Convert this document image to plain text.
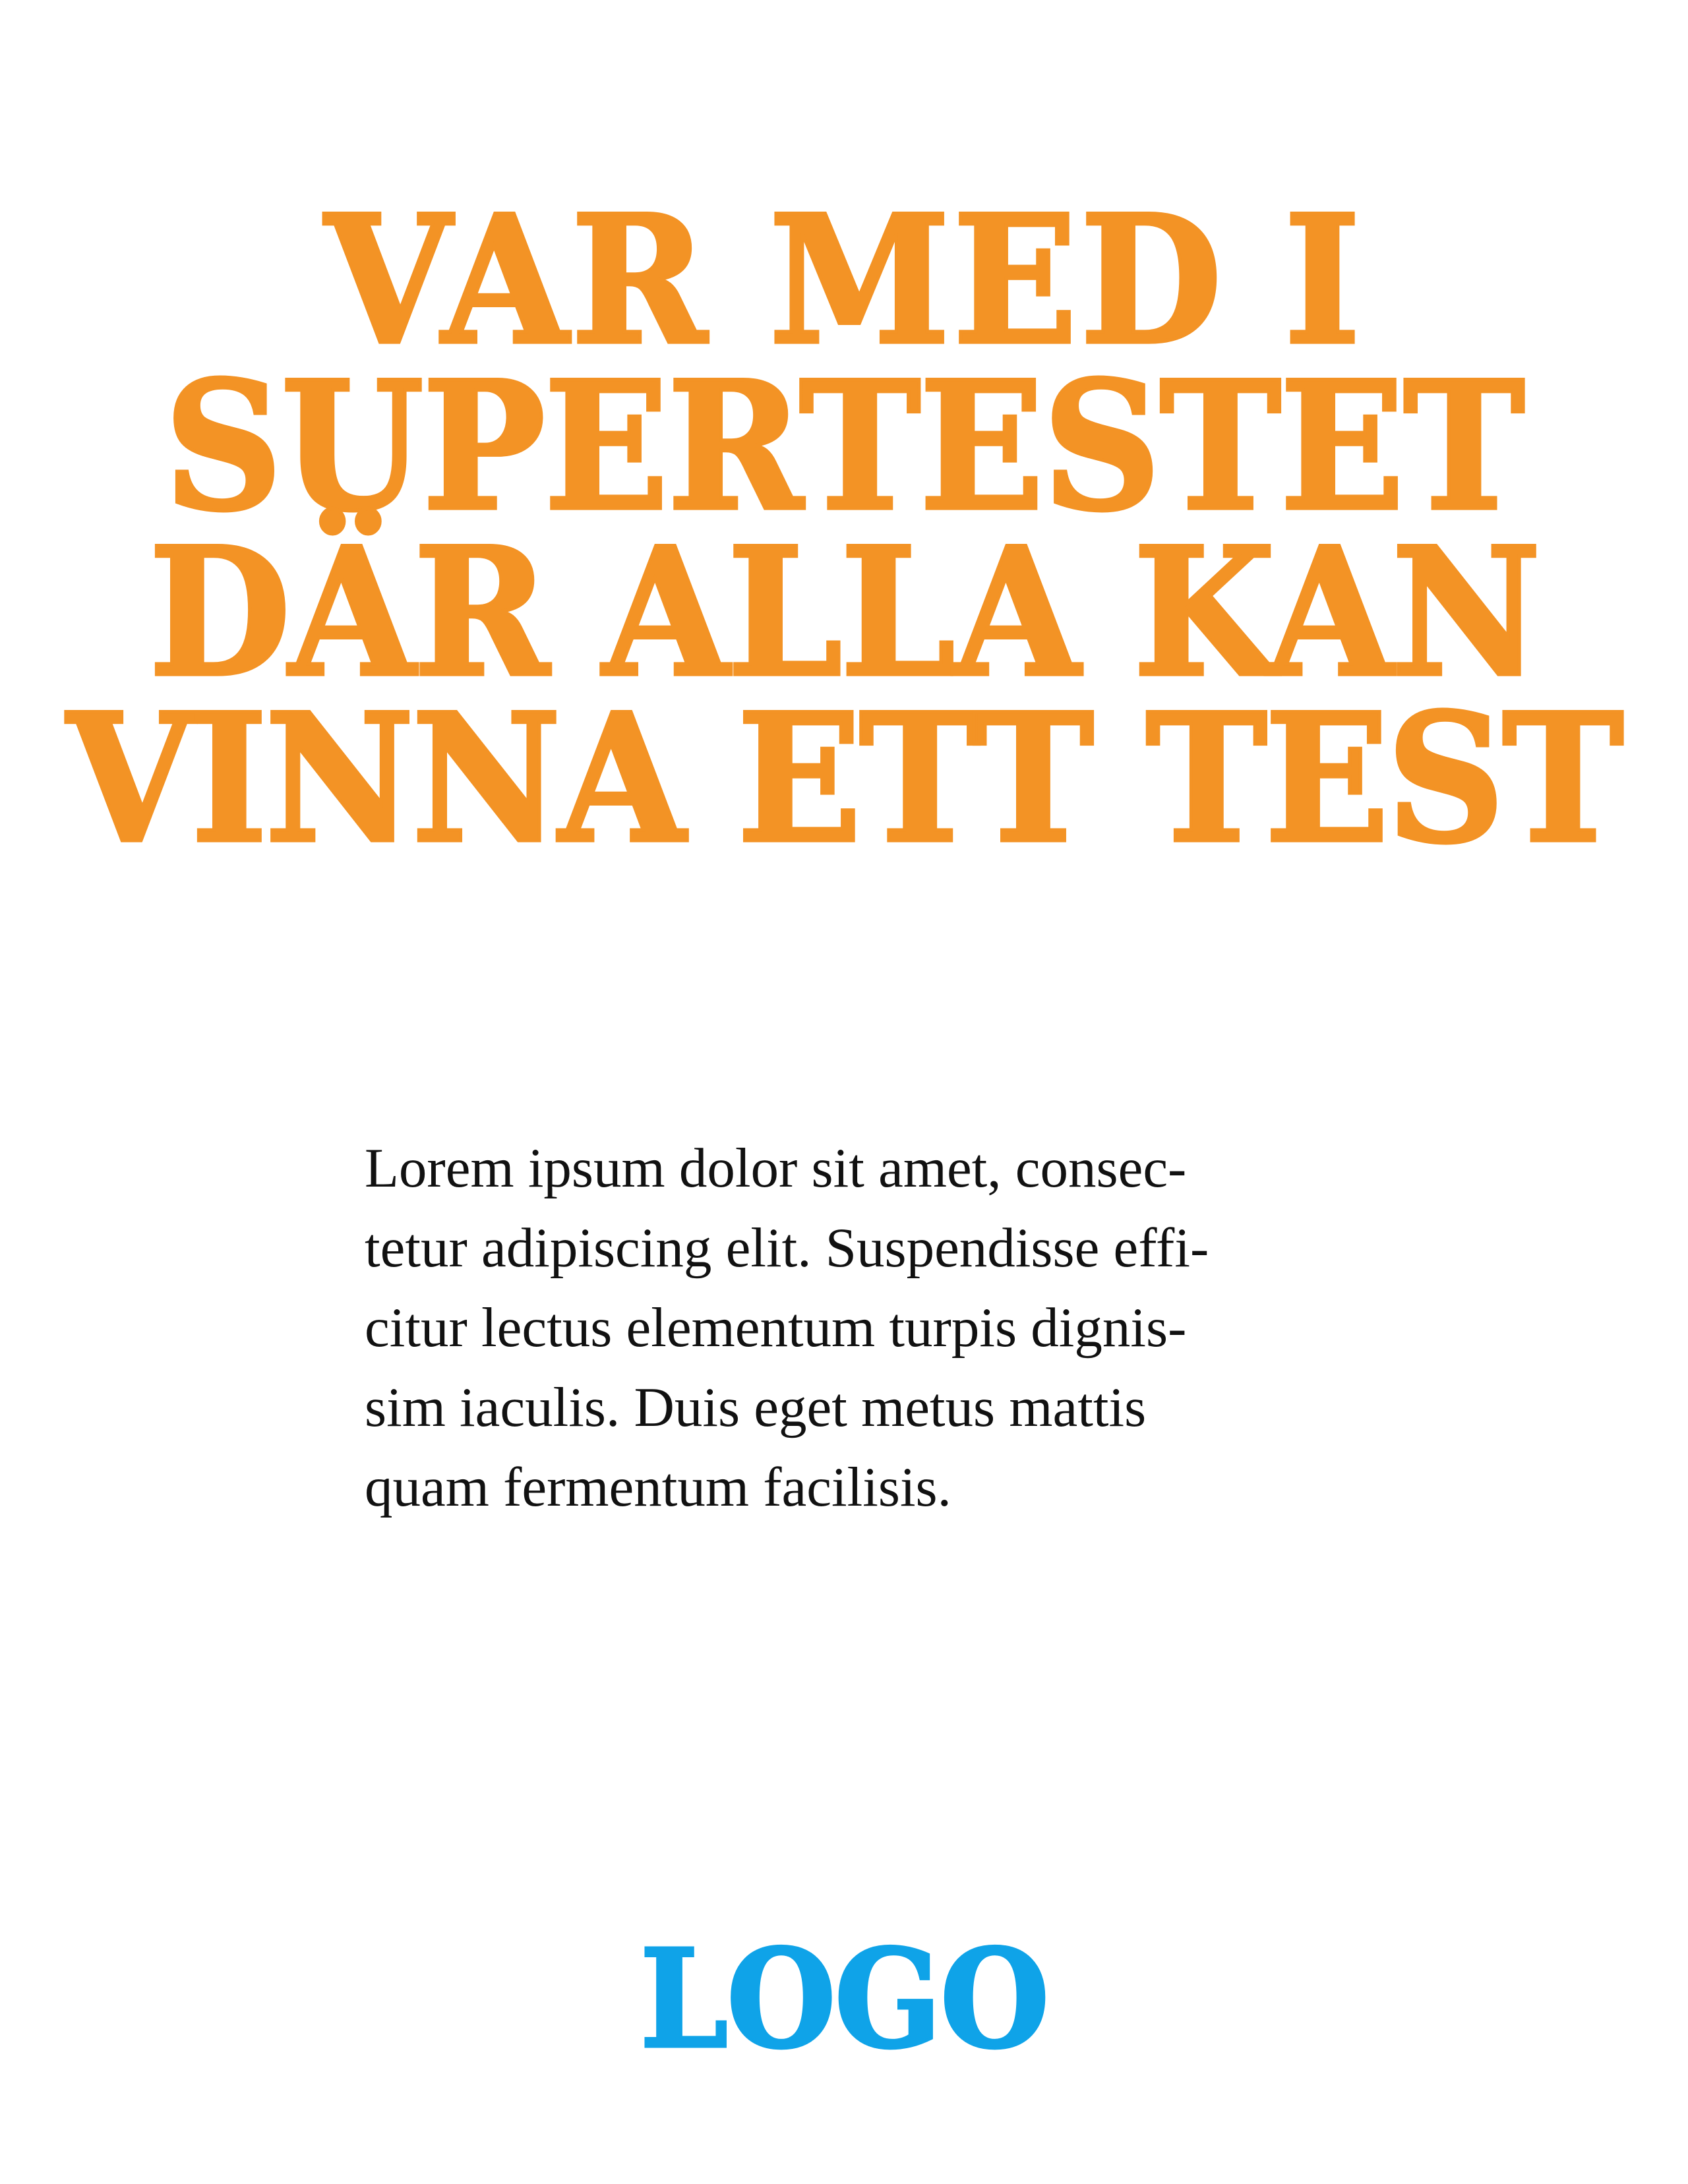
VAR MED I
SUPERTESTET
DÄR ALLA KAN
VINNA ETT TEST

Lorem ipsum dolor sit amet, consec-
tetur adipiscing elit. Suspendisse effi-
citur lectus elementum turpis dignis-
sim iaculis. Duis eget metus mattis
quam fermentum facilisis.

LOGO
